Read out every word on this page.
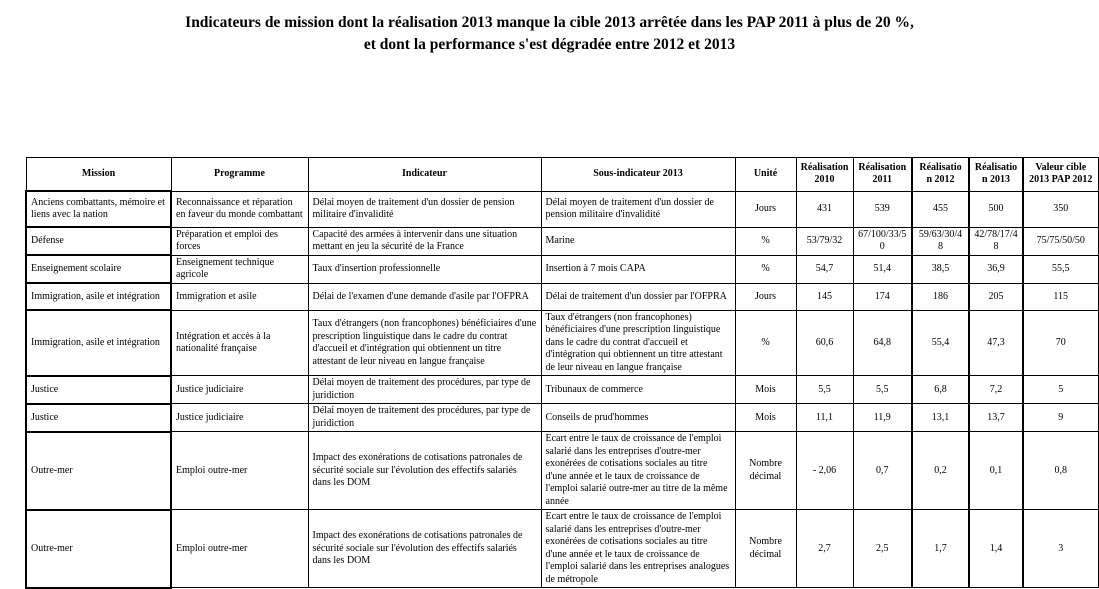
Indicateurs de mission dont la réalisation 2013 manque la cible 2013 arrêtée dans les PAP 2011 à plus de 20 %,
et dont la performance s'est dégradée entre 2012 et 2013
Mission	Programme	Indicateur	Sous-indicateur 2013	Unité	Réalisation 2010	Réalisation 2011	Réalisation 2012	Réalisation 2013	Valeur cible 2013 PAP 2012
Anciens combattants, mémoire et liens avec la nation	Reconnaissance et réparation en faveur du monde combattant	Délai moyen de traitement d'un dossier de pension militaire d'invalidité	Délai moyen de traitement d'un dossier de pension militaire d'invalidité	Jours	431	539	455	500	350
Défense	Préparation et emploi des forces	Capacité des armées à intervenir dans une situation mettant en jeu la sécurité de la France	Marine	%	53/79/32	67/100/33/50	59/63/30/48	42/78/17/48	75/75/50/50
Enseignement scolaire	Enseignement technique agricole	Taux d'insertion professionnelle	Insertion à 7 mois CAPA	%	54,7	51,4	38,5	36,9	55,5
Immigration, asile et intégration	Immigration et asile	Délai de l'examen d'une demande d'asile par l'OFPRA	Délai de traitement d'un dossier par l'OFPRA	Jours	145	174	186	205	115
Immigration, asile et intégration	Intégration et accès à la nationalité française	Taux d'étrangers (non francophones) bénéficiaires d'une prescription linguistique dans le cadre du contrat d'accueil et d'intégration qui obtiennent un titre attestant de leur niveau en langue française	Taux d'étrangers (non francophones) bénéficiaires d'une prescription linguistique dans le cadre du contrat d'accueil et d'intégration qui obtiennent un titre attestant de leur niveau en langue française	%	60,6	64,8	55,4	47,3	70
Justice	Justice judiciaire	Délai moyen de traitement des procédures, par type de juridiction	Tribunaux de commerce	Mois	5,5	5,5	6,8	7,2	5
Justice	Justice judiciaire	Délai moyen de traitement des procédures, par type de juridiction	Conseils de prud'hommes	Mois	11,1	11,9	13,1	13,7	9
Outre-mer	Emploi outre-mer	Impact des exonérations de cotisations patronales de sécurité sociale sur l'évolution des effectifs salariés dans les DOM	Ecart entre le taux de croissance de l'emploi salarié dans les entreprises d'outre-mer exonérées de cotisations sociales au titre d'une année et le taux de croissance de l'emploi salarié outre-mer au titre de la même année	Nombre décimal	- 2,06	0,7	0,2	0,1	0,8
Outre-mer	Emploi outre-mer	Impact des exonérations de cotisations patronales de sécurité sociale sur l'évolution des effectifs salariés dans les DOM	Ecart entre le taux de croissance de l'emploi salarié dans les entreprises d'outre-mer exonérées de cotisations sociales au titre d'une année et le taux de croissance de l'emploi salarié dans les entreprises analogues de métropole	Nombre décimal	2,7	2,5	1,7	1,4	3
